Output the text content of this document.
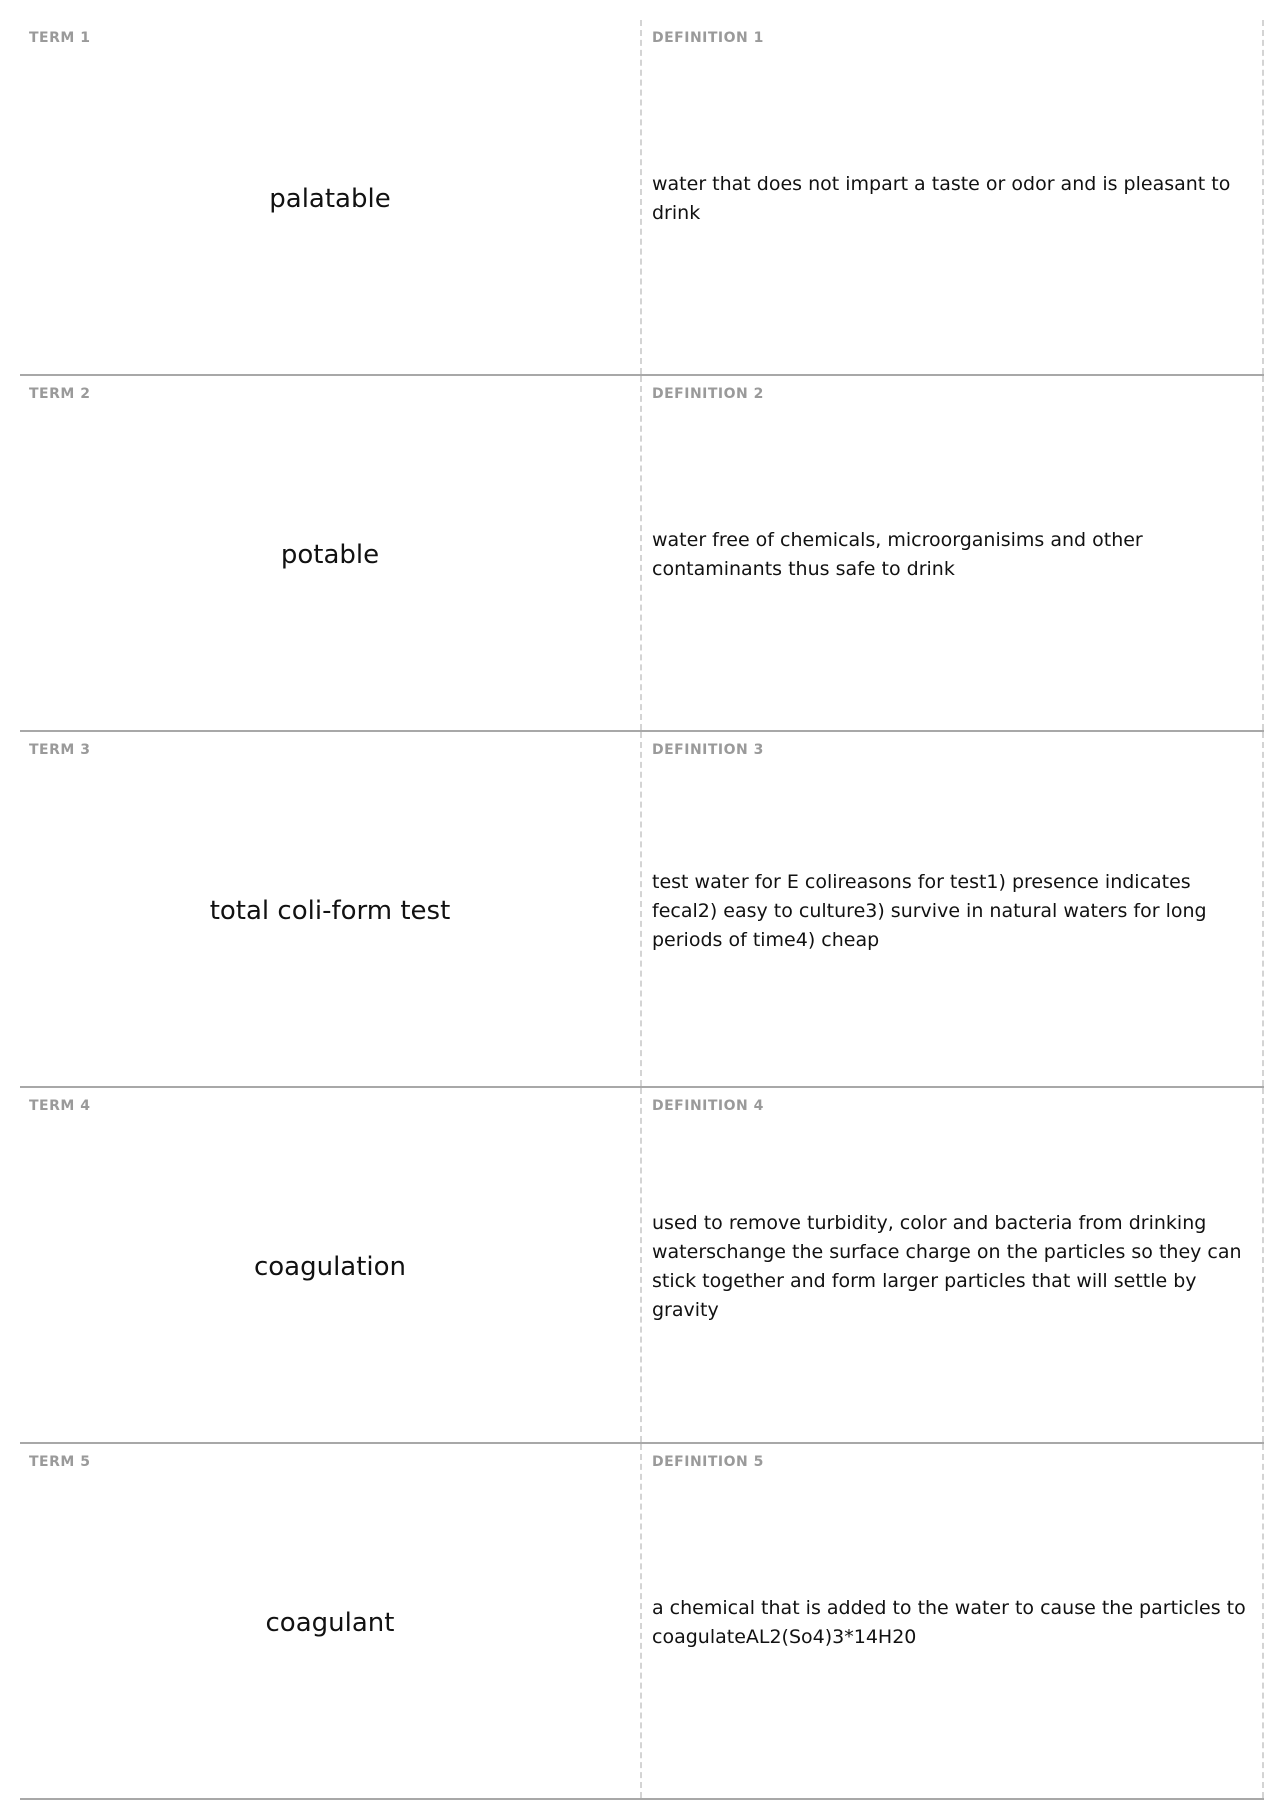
TERM 1
palatable
DEFINITION 1
water that does not impart a taste or odor and is pleasant to drink
TERM 2
potable
DEFINITION 2
water free of chemicals, microorganisims and other contaminants thus safe to drink
TERM 3
total coli-form test
DEFINITION 3
test water for E colireasons for test1) presence indicates fecal2) easy to culture3) survive in natural waters for long periods of time4) cheap
TERM 4
coagulation
DEFINITION 4
used to remove turbidity, color and bacteria from drinking waterschange the surface charge on the particles so they can stick together and form larger particles that will settle by gravity
TERM 5
coagulant
DEFINITION 5
a chemical that is added to the water to cause the particles to coagulateAL2(So4)3*14H20
